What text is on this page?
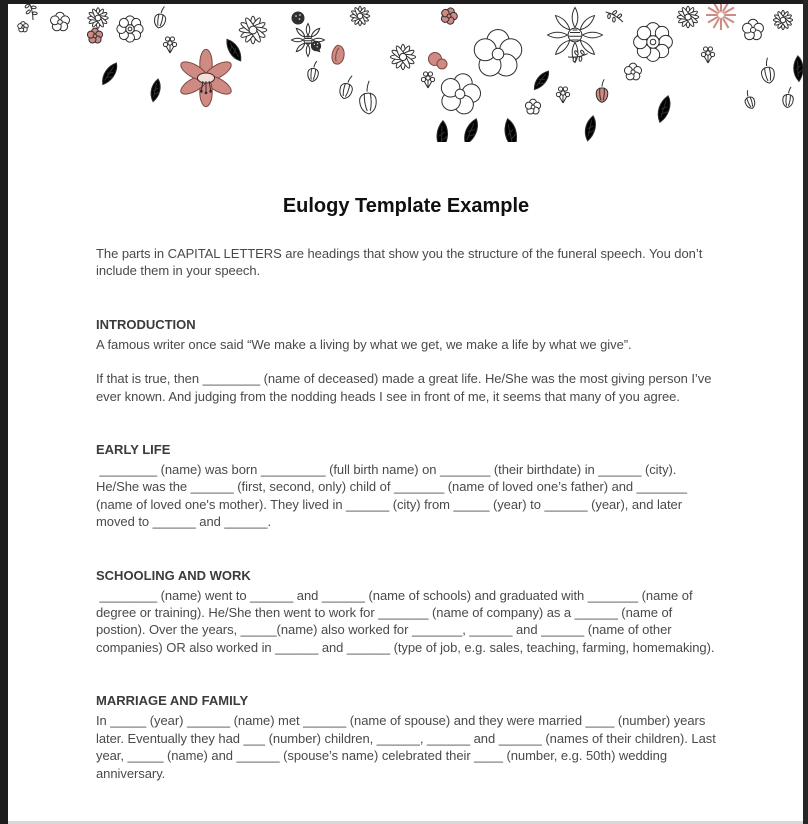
Eulogy Template Example

The parts in CAPITAL LETTERS are headings that show you the structure of the funeral speech. You don’t include them in your speech.

INTRODUCTION

A famous writer once said “We make a living by what we get, we make a life by what we give”.

If that is true, then ________ (name of deceased) made a great life. He/She was the most giving person I’ve ever known. And judging from the nodding heads I see in front of me, it seems that many of you agree.

EARLY LIFE

________ (name) was born _________ (full birth name) on _______ (their birthdate) in ______ (city). He/She was the ______ (first, second, only) child of _______ (name of loved one’s father) and _______ (name of loved one's mother). They lived in ______ (city) from _____ (year) to ______ (year), and later moved to ______ and ______.

SCHOOLING AND WORK

________ (name) went to ______ and ______ (name of schools) and graduated with _______ (name of degree or training). He/She then went to work for _______ (name of company) as a ______ (name of postion). Over the years, _____(name) also worked for _______, ______ and ______ (name of other companies) OR also worked in ______ and ______ (type of job, e.g. sales, teaching, farming, homemaking).

MARRIAGE AND FAMILY

In _____ (year) ______ (name) met ______ (name of spouse) and they were married ____ (number) years later. Eventually they had ___ (number) children, ______, ______ and ______ (names of their children). Last year, _____ (name) and ______ (spouse’s name) celebrated their ____ (number, e.g. 50th) wedding anniversary.
